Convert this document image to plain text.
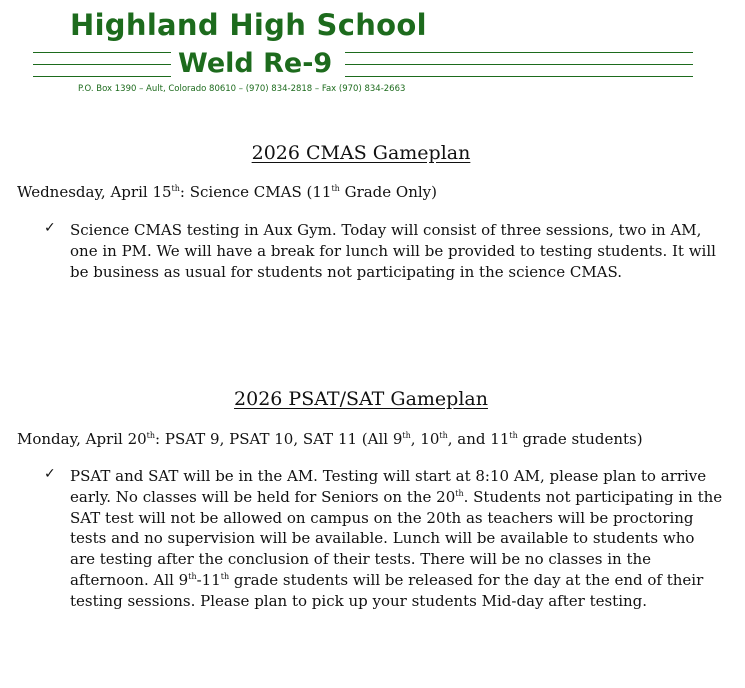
Highland High School
Weld Re-9
P.O. Box 1390 – Ault, Colorado 80610 – (970) 834-2818 – Fax (970) 834-2663
2026 CMAS Gameplan
Wednesday, April 15th: Science CMAS (11th Grade Only)
✓ Science CMAS testing in Aux Gym. Today will consist of three sessions, two in AM, one in PM. We will have a break for lunch will be provided to testing students. It will be business as usual for students not participating in the science CMAS.
2026 PSAT/SAT Gameplan
Monday, April 20th: PSAT 9, PSAT 10, SAT 11 (All 9th, 10th, and 11th grade students)
✓ PSAT and SAT will be in the AM. Testing will start at 8:10 AM, please plan to arrive early. No classes will be held for Seniors on the 20th. Students not participating in the SAT test will not be allowed on campus on the 20th as teachers will be proctoring tests and no supervision will be available. Lunch will be available to students who are testing after the conclusion of their tests. There will be no classes in the afternoon. All 9th-11th grade students will be released for the day at the end of their testing sessions. Please plan to pick up your students Mid-day after testing.
